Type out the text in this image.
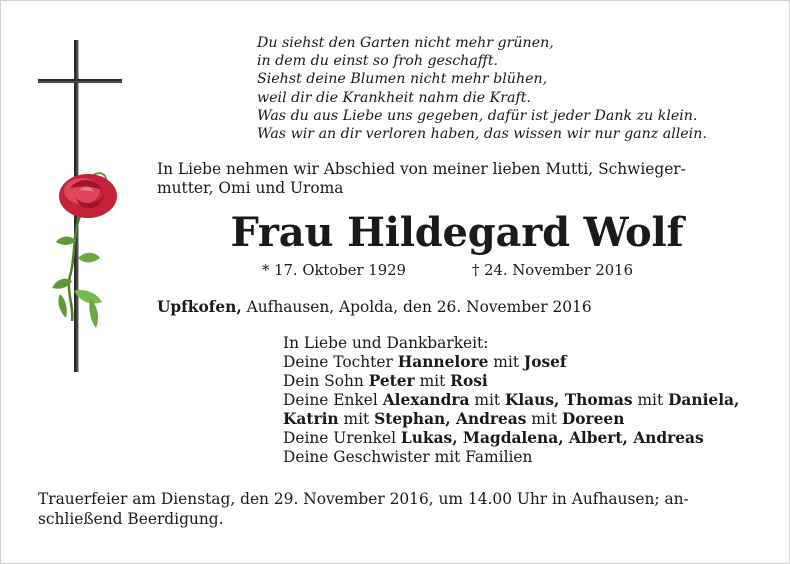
Du siehst den Garten nicht mehr grünen,
in dem du einst so froh geschafft.
Siehst deine Blumen nicht mehr blühen,
weil dir die Krankheit nahm die Kraft.
Was du aus Liebe uns gegeben, dafür ist jeder Dank zu klein.
Was wir an dir verloren haben, das wissen wir nur ganz allein.
In Liebe nehmen wir Abschied von meiner lieben Mutti, Schwieger-
mutter, Omi und Uroma
Frau Hildegard Wolf
* 17. Oktober 1929	† 24. November 2016
Upfkofen, Aufhausen, Apolda, den 26. November 2016
In Liebe und Dankbarkeit:
Deine Tochter Hannelore mit Josef
Dein Sohn Peter mit Rosi
Deine Enkel Alexandra mit Klaus, Thomas mit Daniela,
Katrin mit Stephan, Andreas mit Doreen
Deine Urenkel Lukas, Magdalena, Albert, Andreas
Deine Geschwister mit Familien
Trauerfeier am Dienstag, den 29. November 2016, um 14.00 Uhr in Aufhausen; an-
schließend Beerdigung.
